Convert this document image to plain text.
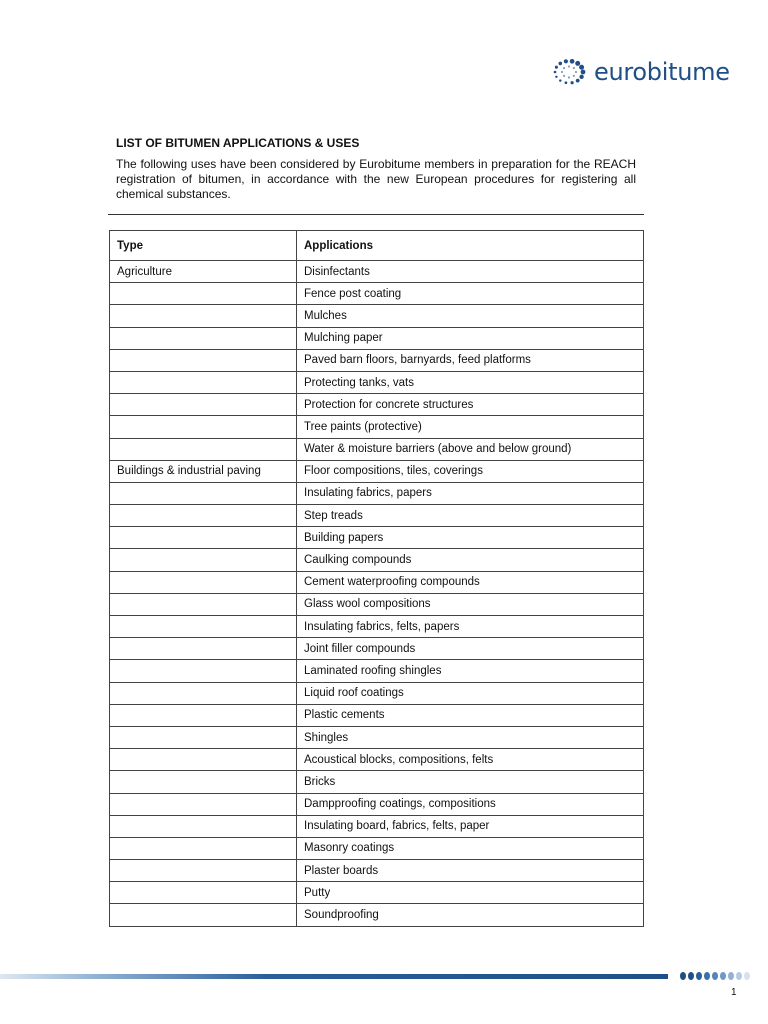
eurobitume
LIST OF BITUMEN APPLICATIONS & USES
The following uses have been considered by Eurobitume members in preparation for the REACH registration of bitumen, in accordance with the new European procedures for registering all chemical substances.
Type	Applications
Agriculture	Disinfectants
	Fence post coating
	Mulches
	Mulching paper
	Paved barn floors, barnyards, feed platforms
	Protecting tanks, vats
	Protection for concrete structures
	Tree paints (protective)
	Water & moisture barriers (above and below ground)
Buildings & industrial paving	Floor compositions, tiles, coverings
	Insulating fabrics, papers
	Step treads
	Building papers
	Caulking compounds
	Cement waterproofing compounds
	Glass wool compositions
	Insulating fabrics, felts, papers
	Joint filler compounds
	Laminated roofing shingles
	Liquid roof coatings
	Plastic cements
	Shingles
	Acoustical blocks, compositions, felts
	Bricks
	Dampproofing coatings, compositions
	Insulating board, fabrics, felts, paper
	Masonry coatings
	Plaster boards
	Putty
	Soundproofing
1
